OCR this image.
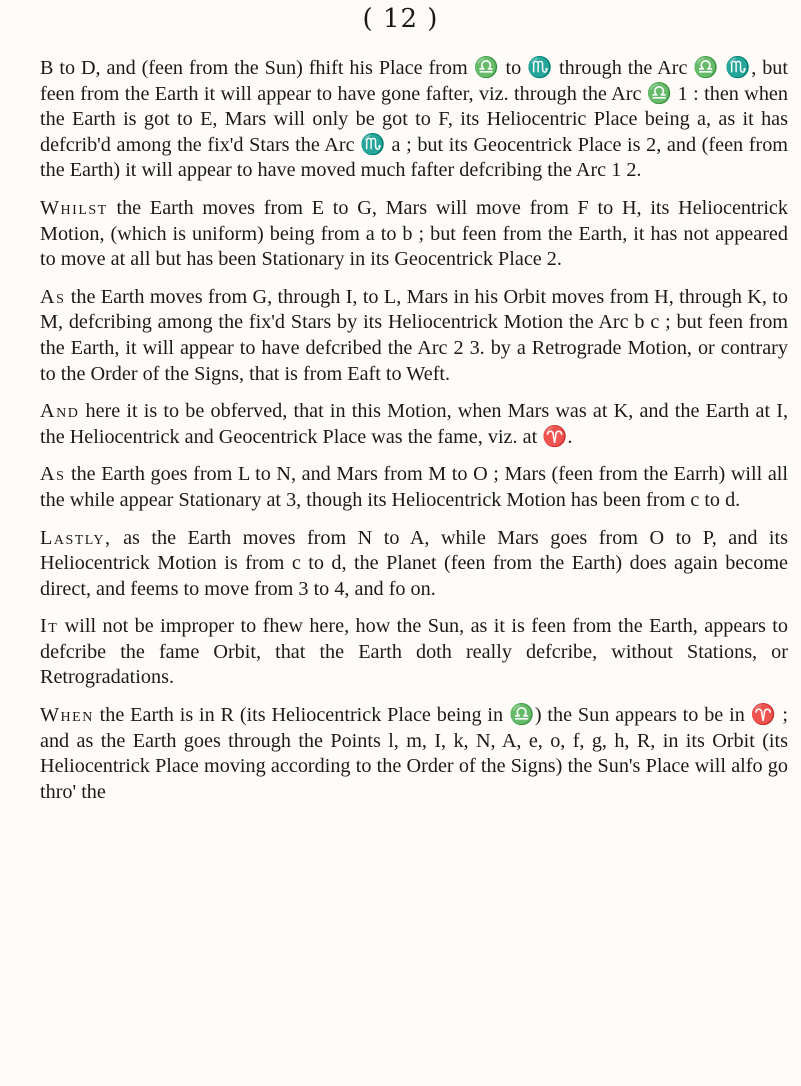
( 12 )

B to D, and (feen from the Sun) fhift his Place from ♎ to ♏ through the Arc ♎ ♏, but feen from the Earth it will appear to have gone fafter, viz. through the Arc ♎ 1 : then when the Earth is got to E, Mars will only be got to F, its Heliocentric Place being a, as it has defcrib'd among the fix'd Stars the Arc ♏ a ; but its Geocentrick Place is 2, and (feen from the Earth) it will appear to have moved much fafter defcribing the Arc 1 2.

Whilst the Earth moves from E to G, Mars will move from F to H, its Heliocentrick Motion, (which is uniform) being from a to b ; but feen from the Earth, it has not appeared to move at all but has been Stationary in its Geocentrick Place 2.

As the Earth moves from G, through I, to L, Mars in his Orbit moves from H, through K, to M, defcribing among the fix'd Stars by its Heliocentrick Motion the Arc b c ; but feen from the Earth, it will appear to have defcribed the Arc 2 3. by a Retrograde Motion, or contrary to the Order of the Signs, that is from Eaft to Weft.

And here it is to be obferved, that in this Motion, when Mars was at K, and the Earth at I, the Heliocentrick and Geocentrick Place was the fame, viz. at ♈.

As the Earth goes from L to N, and Mars from M to O ; Mars (feen from the Earrh) will all the while appear Stationary at 3, though its Heliocentrick Motion has been from c to d.

Lastly, as the Earth moves from N to A, while Mars goes from O to P, and its Heliocentrick Motion is from c to d, the Planet (feen from the Earth) does again become direct, and feems to move from 3 to 4, and fo on.

It will not be improper to fhew here, how the Sun, as it is feen from the Earth, appears to defcribe the fame Orbit, that the Earth doth really defcribe, without Stations, or Retrogradations.

When the Earth is in R (its Heliocentrick Place being in ♎) the Sun appears to be in ♈ ; and as the Earth goes through the Points l, m, I, k, N, A, e, o, f, g, h, R, in its Orbit (its Heliocentrick Place moving according to the Order of the Signs) the Sun's Place will alfo go thro' the
